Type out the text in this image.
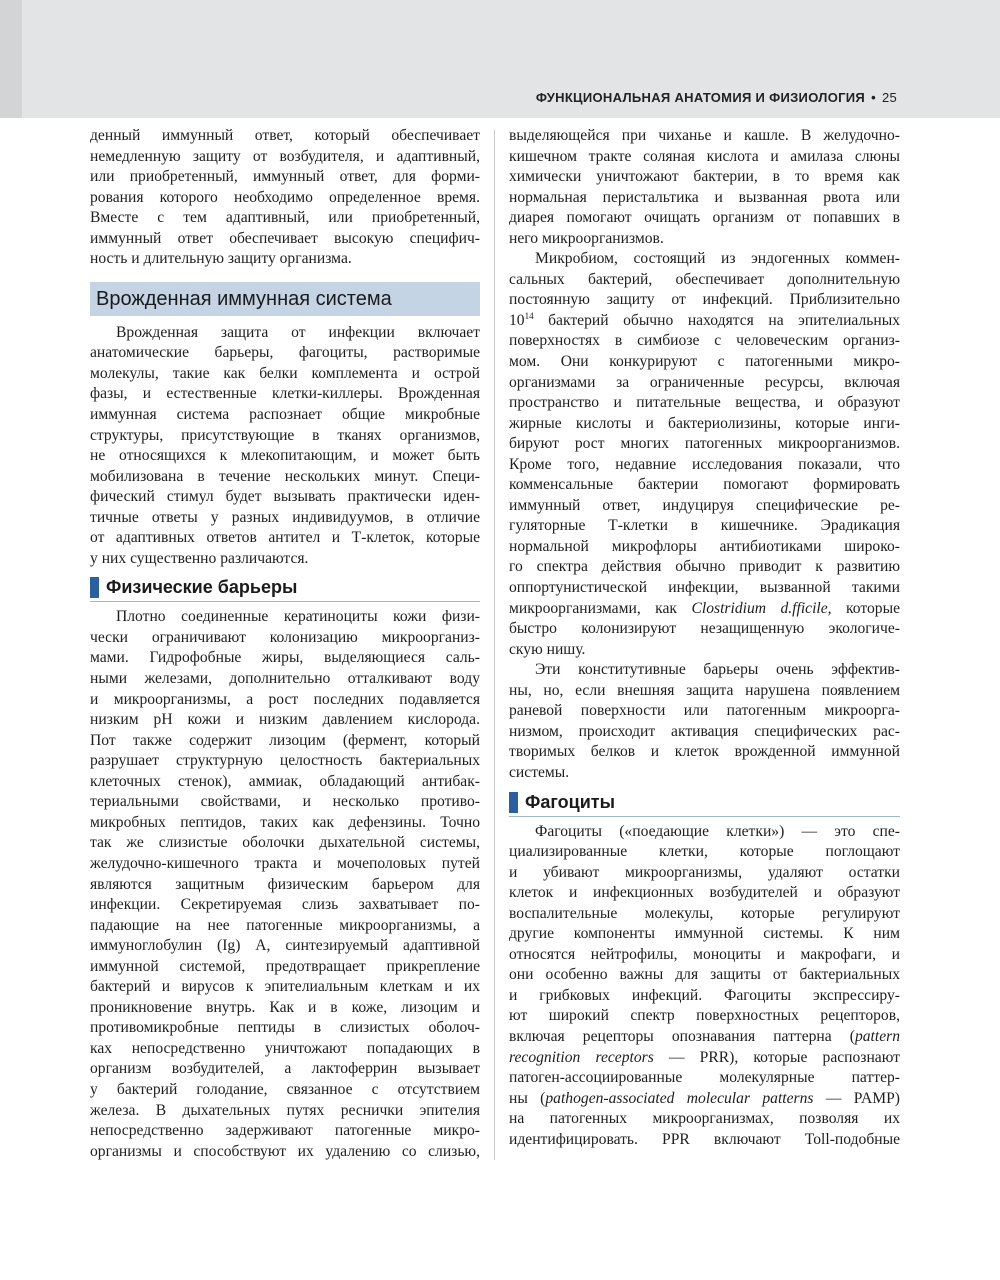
ФУНКЦИОНАЛЬНАЯ АНАТОМИЯ И ФИЗИОЛОГИЯ • 25

денный иммунный ответ, который обеспечивает

немедленную защиту от возбудителя, и адаптивный,

или приобретенный, иммунный ответ, для форми-

рования которого необходимо определенное время.

Вместе с тем адаптивный, или приобретенный,

иммунный ответ обеспечивает высокую специфич-

ность и длительную защиту организма.

Врожденная иммунная система

Врожденная защита от инфекции включает

анатомические барьеры, фагоциты, растворимые

молекулы, такие как белки комплемента и острой

фазы, и естественные клетки-киллеры. Врожденная

иммунная система распознает общие микробные

структуры, присутствующие в тканях организмов,

не относящихся к млекопитающим, и может быть

мобилизована в течение нескольких минут. Специ-

фический стимул будет вызывать практически иден-

тичные ответы у разных индивидуумов, в отличие

от адаптивных ответов антител и Т-клеток, которые

у них существенно различаются.

Физические барьеры

Плотно соединенные кератиноциты кожи физи-

чески ограничивают колонизацию микроорганиз-

мами. Гидрофобные жиры, выделяющиеся саль-

ными железами, дополнительно отталкивают воду

и микроорганизмы, а рост последних подавляется

низким pH кожи и низким давлением кислорода.

Пот также содержит лизоцим (фермент, который

разрушает структурную целостность бактериальных

клеточных стенок), аммиак, обладающий антибак-

териальными свойствами, и несколько противо-

микробных пептидов, таких как дефензины. Точно

так же слизистые оболочки дыхательной системы,

желудочно-кишечного тракта и мочеполовых путей

являются защитным физическим барьером для

инфекции. Секретируемая слизь захватывает по-

падающие на нее патогенные микроорганизмы, а

иммуноглобулин (Ig) A, синтезируемый адаптивной

иммунной системой, предотвращает прикрепление

бактерий и вирусов к эпителиальным клеткам и их

проникновение внутрь. Как и в коже, лизоцим и

противомикробные пептиды в слизистых оболоч-

ках непосредственно уничтожают попадающих в

организм возбудителей, а лактоферрин вызывает

у бактерий голодание, связанное с отсутствием

железа. В дыхательных путях реснички эпителия

непосредственно задерживают патогенные микро-

организмы и способствуют их удалению со слизью,

выделяющейся при чиханье и кашле. В желудочно-

кишечном тракте соляная кислота и амилаза слюны

химически уничтожают бактерии, в то время как

нормальная перистальтика и вызванная рвота или

диарея помогают очищать организм от попавших в

него микроорганизмов.

Микробиом, состоящий из эндогенных коммен-

сальных бактерий, обеспечивает дополнительную

постоянную защиту от инфекций. Приблизительно

$10^{14}$ бактерий обычно находятся на эпителиальных

поверхностях в симбиозе с человеческим организ-

мом. Они конкурируют с патогенными микро-

организмами за ограниченные ресурсы, включая

пространство и питательные вещества, и образуют

жирные кислоты и бактериолизины, которые инги-

бируют рост многих патогенных микроорганизмов.

Кроме того, недавние исследования показали, что

комменсальные бактерии помогают формировать

иммунный ответ, индуцируя специфические ре-

гуляторные Т-клетки в кишечнике. Эрадикация

нормальной микрофлоры антибиотиками широко-

го спектра действия обычно приводит к развитию

оппортунистической инфекции, вызванной такими

микроорганизмами, как Clostridium d.fficile, которые

быстро колонизируют незащищенную экологиче-

скую нишу.

Эти конститутивные барьеры очень эффектив-

ны, но, если внешняя защита нарушена появлением

раневой поверхности или патогенным микроорга-

низмом, происходит активация специфических рас-

творимых белков и клеток врожденной иммунной

системы.

Фагоциты

Фагоциты («поедающие клетки») — это спе-

циализированные клетки, которые поглощают

и убивают микроорганизмы, удаляют остатки

клеток и инфекционных возбудителей и образуют

воспалительные молекулы, которые регулируют

другие компоненты иммунной системы. К ним

относятся нейтрофилы, моноциты и макрофаги, и

они особенно важны для защиты от бактериальных

и грибковых инфекций. Фагоциты экспрессиру-

ют широкий спектр поверхностных рецепторов,

включая рецепторы опознавания паттерна (pattern

recognition receptors — PRR), которые распознают

патоген-ассоциированные молекулярные паттер-

ны (pathogen-associated molecular patterns — PAMP)

на патогенных микроорганизмах, позволяя их

идентифицировать. PPR включают Toll-подобные
